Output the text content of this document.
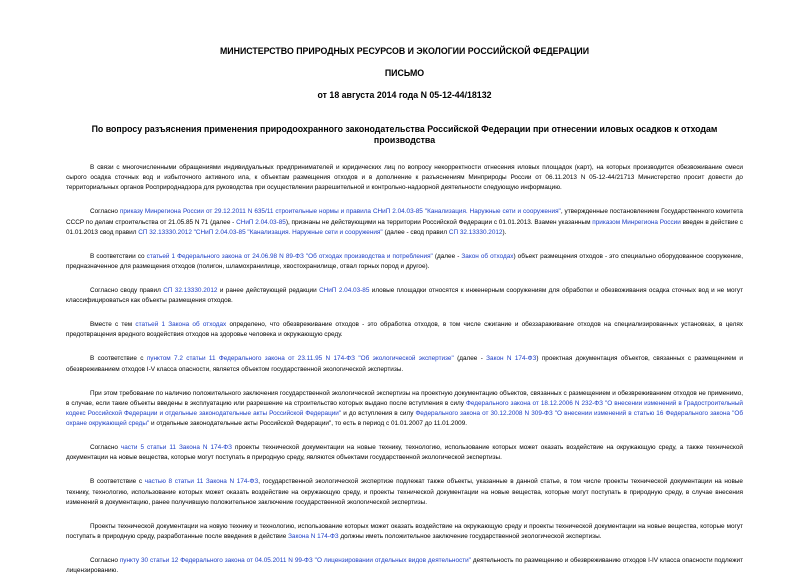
МИНИСТЕРСТВО ПРИРОДНЫХ РЕСУРСОВ И ЭКОЛОГИИ РОССИЙСКОЙ ФЕДЕРАЦИИ
ПИСЬМО
от 18 августа 2014 года N 05-12-44/18132
По вопросу разъяснения применения природоохранного законодательства Российской Федерации при отнесении иловых осадков к отходам производства

В связи с многочисленными обращениями индивидуальных предпринимателей и юридических лиц по вопросу некорректности отнесения иловых площадок (карт), на которых производится обезвоживание смеси сырого осадка сточных вод и избыточного активного ила, к объектам размещения отходов и в дополнение к разъяснениям Минприроды России от 06.11.2013 N 05-12-44/21713 Министерство просит довести до территориальных органов Росприроднадзора для руководства при осуществлении разрешительной и контрольно-надзорной деятельности следующую информацию.

Согласно приказу Минрегиона России от 29.12.2011 N 635/11 строительные нормы и правила СНиП 2.04.03-85 "Канализация. Наружные сети и сооружения", утвержденные постановлением Государственного комитета СССР по делам строительства от 21.05.85 N 71 (далее - СНиП 2.04.03-85), признаны не действующими на территории Российской Федерации с 01.01.2013. Взамен указанным приказом Минрегиона России введен в действие с 01.01.2013 свод правил СП 32.13330.2012 "СНиП 2.04.03-85 "Канализация. Наружные сети и сооружения" (далее - свод правил СП 32.13330.2012).

В соответствии со статьей 1 Федерального закона от 24.06.98 N 89-ФЗ "Об отходах производства и потребления" (далее - Закон об отходах) объект размещения отходов - это специально оборудованное сооружение, предназначенное для размещения отходов (полигон, шламохранилище, хвостохранилище, отвал горных пород и другое).

Согласно своду правил СП 32.13330.2012 и ранее действующей редакции СНиП 2.04.03-85 иловые площадки относятся к инженерным сооружениям для обработки и обезвоживания осадка сточных вод и не могут классифицироваться как объекты размещения отходов.

Вместе с тем статьей 1 Закона об отходах определено, что обезвреживание отходов - это обработка отходов, в том числе сжигание и обеззараживание отходов на специализированных установках, в целях предотвращения вредного воздействия отходов на здоровье человека и окружающую среду.

В соответствие с пунктом 7.2 статьи 11 Федерального закона от 23.11.95 N 174-ФЗ "Об экологической экспертизе" (далее - Закон N 174-ФЗ) проектная документация объектов, связанных с размещением и обезвреживанием отходов I-V класса опасности, является объектом государственной экологической экспертизы.

При этом требование по наличию положительного заключения государственной экологической экспертизы на проектную документацию объектов, связанных с размещением и обезвреживанием отходов не применимо, в случае, если такие объекты введены в эксплуатацию или разрешение на строительство которых выдано после вступления в силу Федерального закона от 18.12.2006 N 232-ФЗ "О внесении изменений в Градостроительный кодекс Российской Федерации и отдельные законодательные акты Российской Федерации" и до вступления в силу Федерального закона от 30.12.2008 N 309-ФЗ "О внесении изменений в статью 16 Федерального закона "Об охране окружающей среды" и отдельные законодательные акты Российской Федерации", то есть в период с 01.01.2007 до 11.01.2009.

Согласно части 5 статьи 11 Закона N 174-ФЗ проекты технической документации на новые технику, технологию, использование которых может оказать воздействие на окружающую среду, а также технической документации на новые вещества, которые могут поступать в природную среду, являются объектами государственной экологической экспертизы.

В соответствие с частью 8 статьи 11 Закона N 174-ФЗ, государственной экологической экспертизе подлежат также объекты, указанные в данной статье, в том числе проекты технической документации на новые технику, технологию, использование которых может оказать воздействие на окружающую среду, и проекты технической документации на новые вещества, которые могут поступать в природную среду, в случае внесения изменений в документацию, ранее получившую положительное заключение государственной экологической экспертизы.

Проекты технической документации на новую технику и технологию, использование которых может оказать воздействие на окружающую среду и проекты технической документации на новые вещества, которые могут поступать в природную среду, разработанные после введения в действие Закона N 174-ФЗ должны иметь положительное заключение государственной экологической экспертизы.

Согласно пункту 30 статьи 12 Федерального закона от 04.05.2011 N 99-ФЗ "О лицензировании отдельных видов деятельности" деятельность по размещению и обезвреживанию отходов I-IV класса опасности подлежит лицензированию.
